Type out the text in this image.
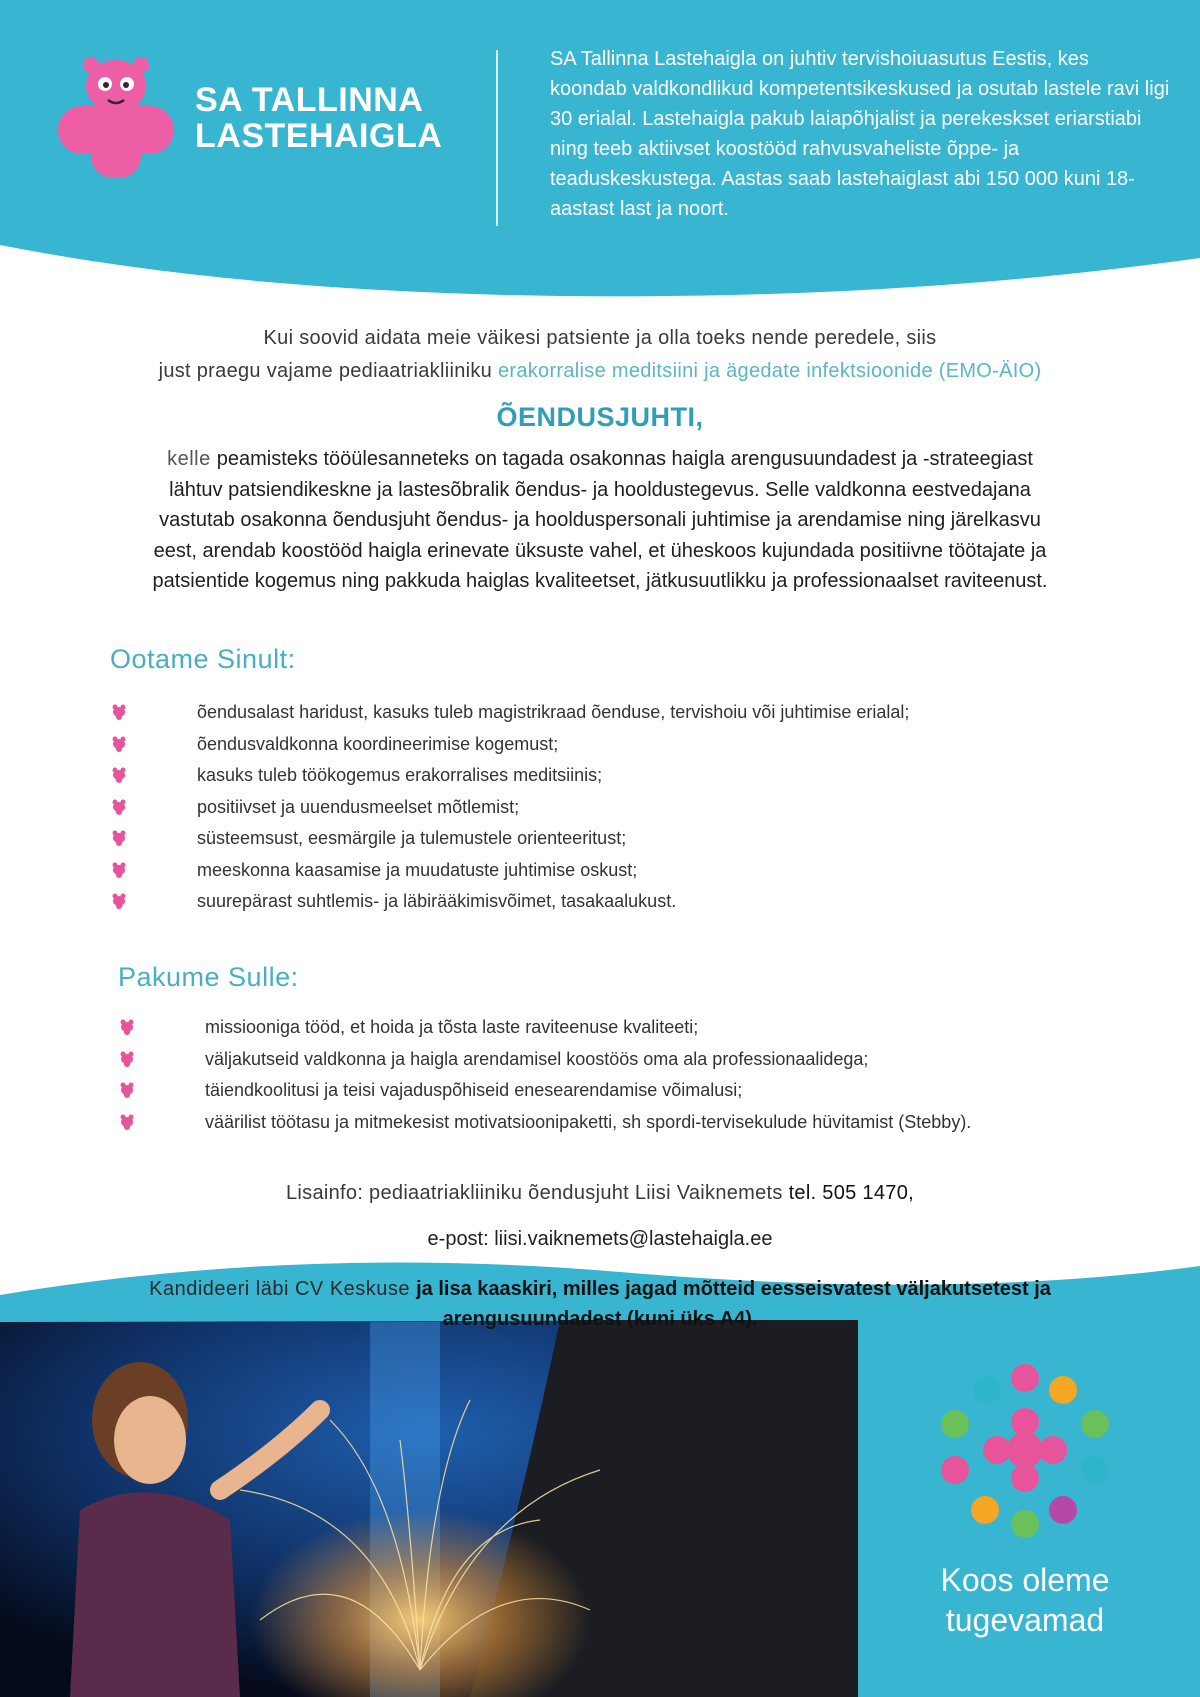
SA TALLINNA
LASTEHAIGLA

SA Tallinna Lastehaigla on juhtiv tervishoiuasutus Eestis, kes koondab valdkondlikud kompetentsikeskused ja osutab lastele ravi ligi 30 erialal. Lastehaigla pakub laiapõhjalist ja perekeskset eriarstiabi ning teeb aktiivset koostööd rahvusvaheliste õppe- ja teaduskeskustega. Aastas saab lastehaiglast abi 150 000 kuni 18-aastast last ja noort.

Kui soovid aidata meie väikesi patsiente ja olla toeks nende peredele, siis
just praegu vajame pediaatriakliiniku erakorralise meditsiini ja ägedate infektsioonide (EMO-ÄIO)
ÕENDUSJUHTI,

kelle peamisteks tööülesanneteks on tagada osakonnas haigla arengusuundadest ja -strateegiast lähtuv patsiendikeskne ja lastesõbralik õendus- ja hooldustegevus. Selle valdkonna eestvedajana vastutab osakonna õendusjuht õendus- ja hoolduspersonali juhtimise ja arendamise ning järelkasvu eest, arendab koostööd haigla erinevate üksuste vahel, et üheskoos kujundada positiivne töötajate ja patsientide kogemus ning pakkuda haiglas kvaliteetset, jätkusuutlikku ja professionaalset raviteenust.

Ootame Sinult:
õendusalast haridust, kasuks tuleb magistrikraad õenduse, tervishoiu või juhtimise erialal;
õendusvaldkonna koordineerimise kogemust;
kasuks tuleb töökogemus erakorralises meditsiinis;
positiivset ja uuendusmeelset mõtlemist;
süsteemsust, eesmärgile ja tulemustele orienteeritust;
meeskonna kaasamise ja muudatuste juhtimise oskust;
suurepärast suhtlemis- ja läbirääkimisvõimet, tasakaalukust.
Pakume Sulle:
missiooniga tööd, et hoida ja tõsta laste raviteenuse kvaliteeti;
väljakutseid valdkonna ja haigla arendamisel koostöös oma ala professionaalidega;
täiendkoolitusi ja teisi vajaduspõhiseid enesearendamise võimalusi;
väärilist töötasu ja mitmekesist motivatsioonipaketti, sh spordi-tervisekulude hüvitamist (Stebby).
Lisainfo: pediaatriakliiniku õendusjuht Liisi Vaiknemets tel. 505 1470,
e-post: liisi.vaiknemets@lastehaigla.ee
Kandideeri läbi CV Keskuse ja lisa kaaskiri, milles jagad mõtteid eesseisvatest väljakutsetest ja arengusuundadest (kuni üks A4).
Koos oleme
tugevamad
